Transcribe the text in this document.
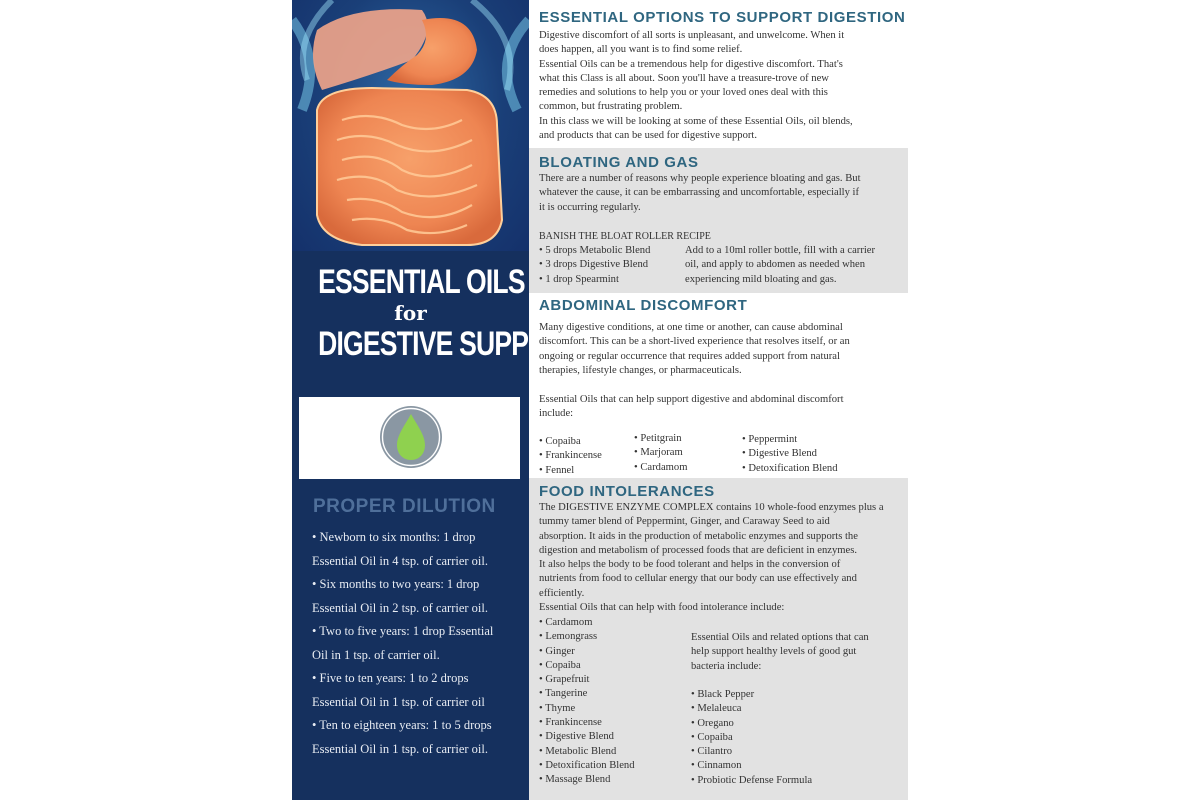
ESSENTIAL OILS
for
DIGESTIVE SUPPORT
PROPER DILUTION
• Newborn to six months: 1 drop
Essential Oil in 4 tsp. of carrier oil.
• Six months to two years: 1 drop
Essential Oil in 2 tsp. of carrier oil.
• Two to five years: 1 drop Essential
Oil in 1 tsp. of carrier oil.
• Five to ten years: 1 to 2 drops
Essential Oil in 1 tsp. of carrier oil
• Ten to eighteen years: 1 to 5 drops
Essential Oil in 1 tsp. of carrier oil.
ESSENTIAL OPTIONS TO SUPPORT DIGESTION
Digestive discomfort of all sorts is unpleasant, and unwelcome. When it
does happen, all you want is to find some relief.
Essential Oils can be a tremendous help for digestive discomfort. That's
what this Class is all about. Soon you'll have a treasure-trove of new
remedies and solutions to help you or your loved ones deal with this
common, but frustrating problem.
In this class we will be looking at some of these Essential Oils, oil blends,
and products that can be used for digestive support.
BLOATING AND GAS
There are a number of reasons why people experience bloating and gas. But
whatever the cause, it can be embarrassing and uncomfortable, especially if
it is occurring regularly.
BANISH THE BLOAT ROLLER RECIPE
• 5 drops Metabolic Blend
• 3 drops Digestive Blend
• 1 drop Spearmint
Add to a 10ml roller bottle, fill with a carrier
oil, and apply to abdomen as needed when
experiencing mild bloating and gas.
ABDOMINAL DISCOMFORT
Many digestive conditions, at one time or another, can cause abdominal
discomfort. This can be a short-lived experience that resolves itself, or an
ongoing or regular occurrence that requires added support from natural
therapies, lifestyle changes, or pharmaceuticals.
Essential Oils that can help support digestive and abdominal discomfort
include:
• Copaiba
• Frankincense
• Fennel
• Petitgrain
• Marjoram
• Cardamom
• Peppermint
• Digestive Blend
• Detoxification Blend
FOOD INTOLERANCES
The DIGESTIVE ENZYME COMPLEX contains 10 whole-food enzymes plus a
tummy tamer blend of Peppermint, Ginger, and Caraway Seed to aid
absorption. It aids in the production of metabolic enzymes and supports the
digestion and metabolism of processed foods that are deficient in enzymes.
It also helps the body to be food tolerant and helps in the conversion of
nutrients from food to cellular energy that our body can use effectively and
efficiently.
Essential Oils that can help with food intolerance include:
• Cardamom
• Lemongrass
• Ginger
• Copaiba
• Grapefruit
• Tangerine
• Thyme
• Frankincense
• Digestive Blend
• Metabolic Blend
• Detoxification Blend
• Massage Blend
Essential Oils and related options that can
help support healthy levels of good gut
bacteria include:
• Black Pepper
• Melaleuca
• Oregano
• Copaiba
• Cilantro
• Cinnamon
• Probiotic Defense Formula
